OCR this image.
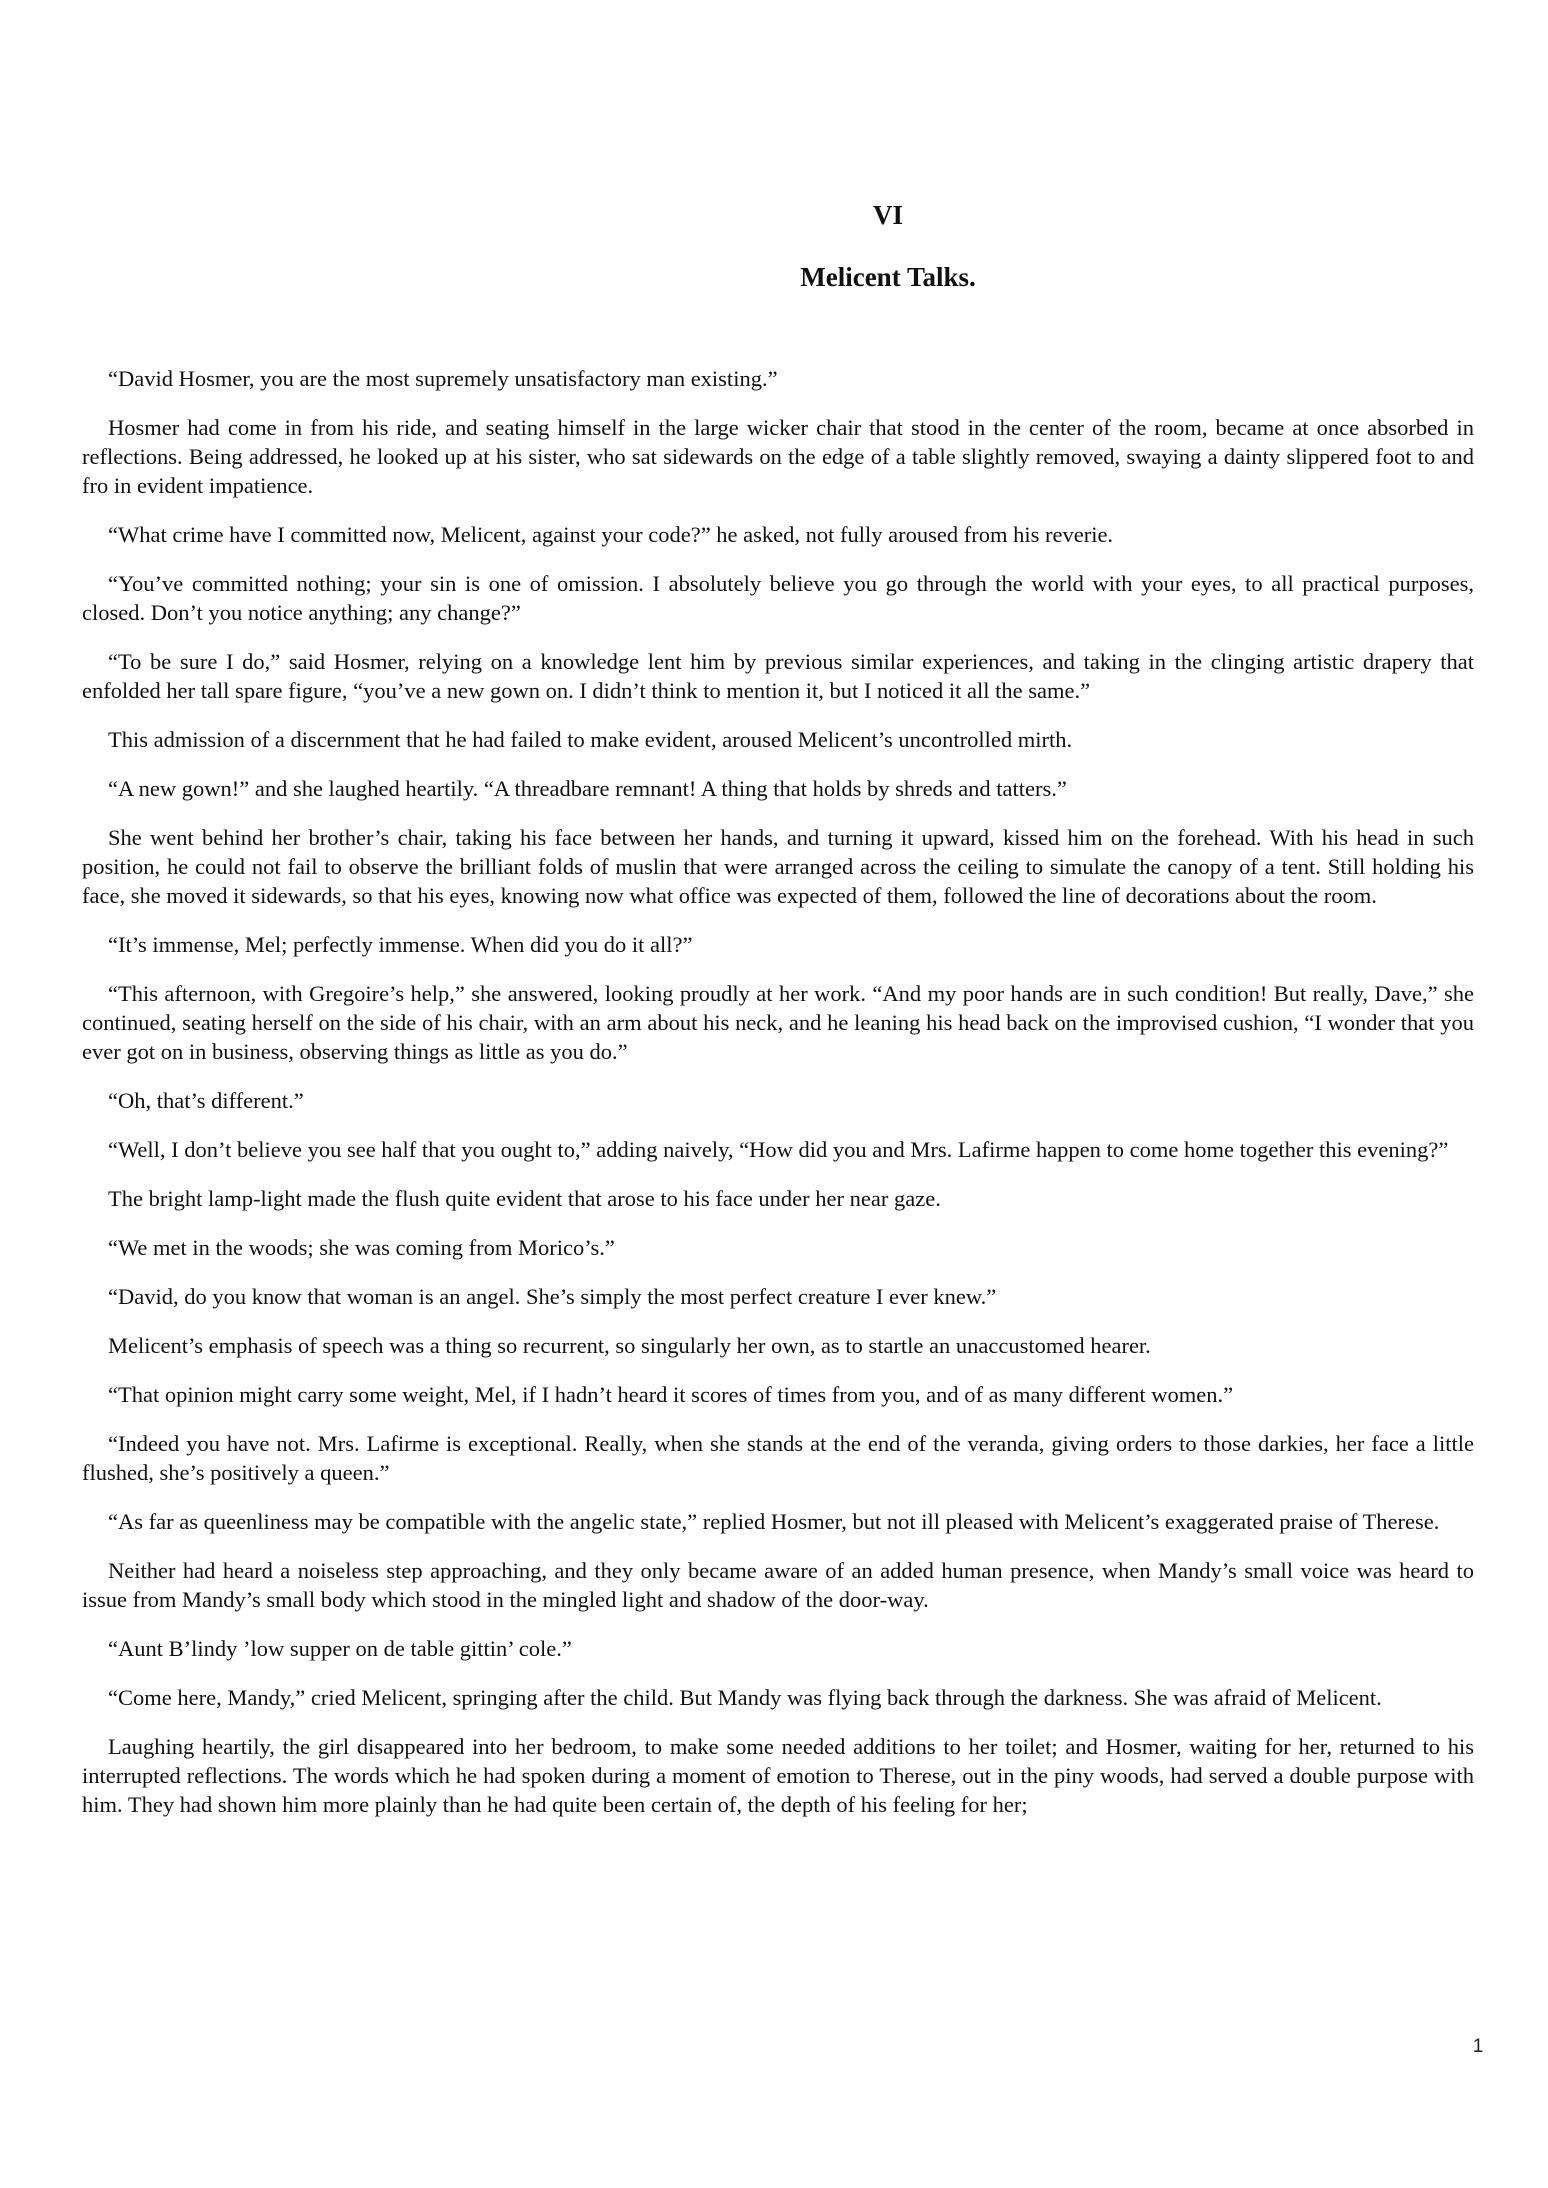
VI
Melicent Talks.

“David Hosmer, you are the most supremely unsatisfactory man existing.”

Hosmer had come in from his ride, and seating himself in the large wicker chair that stood in the center of the room, became at once absorbed in reflections. Being addressed, he looked up at his sister, who sat sidewards on the edge of a table slightly removed, swaying a dainty slippered foot to and fro in evident impatience.

“What crime have I committed now, Melicent, against your code?” he asked, not fully aroused from his reverie.

“You’ve committed nothing; your sin is one of omission. I absolutely believe you go through the world with your eyes, to all practical purposes, closed. Don’t you notice anything; any change?”

“To be sure I do,” said Hosmer, relying on a knowledge lent him by previous similar experiences, and taking in the clinging artistic drapery that enfolded her tall spare figure, “you’ve a new gown on. I didn’t think to mention it, but I noticed it all the same.”

This admission of a discernment that he had failed to make evident, aroused Melicent’s uncontrolled mirth.

“A new gown!” and she laughed heartily. “A threadbare remnant! A thing that holds by shreds and tatters.”

She went behind her brother’s chair, taking his face between her hands, and turning it upward, kissed him on the forehead. With his head in such position, he could not fail to observe the brilliant folds of muslin that were arranged across the ceiling to simulate the canopy of a tent. Still holding his face, she moved it sidewards, so that his eyes, knowing now what office was expected of them, followed the line of decorations about the room.

“It’s immense, Mel; perfectly immense. When did you do it all?”

“This afternoon, with Gregoire’s help,” she answered, looking proudly at her work. “And my poor hands are in such condition! But really, Dave,” she continued, seating herself on the side of his chair, with an arm about his neck, and he leaning his head back on the improvised cushion, “I wonder that you ever got on in business, observing things as little as you do.”

“Oh, that’s different.”

“Well, I don’t believe you see half that you ought to,” adding naively, “How did you and Mrs. Lafirme happen to come home together this evening?”

The bright lamp-light made the flush quite evident that arose to his face under her near gaze.

“We met in the woods; she was coming from Morico’s.”

“David, do you know that woman is an angel. She’s simply the most perfect creature I ever knew.”

Melicent’s emphasis of speech was a thing so recurrent, so singularly her own, as to startle an unaccustomed hearer.

“That opinion might carry some weight, Mel, if I hadn’t heard it scores of times from you, and of as many different women.”

“Indeed you have not. Mrs. Lafirme is exceptional. Really, when she stands at the end of the veranda, giving orders to those darkies, her face a little flushed, she’s positively a queen.”

“As far as queenliness may be compatible with the angelic state,” replied Hosmer, but not ill pleased with Melicent’s exaggerated praise of Therese.

Neither had heard a noiseless step approaching, and they only became aware of an added human presence, when Mandy’s small voice was heard to issue from Mandy’s small body which stood in the mingled light and shadow of the door-way.

“Aunt B’lindy ’low supper on de table gittin’ cole.”

“Come here, Mandy,” cried Melicent, springing after the child. But Mandy was flying back through the darkness. She was afraid of Melicent.

Laughing heartily, the girl disappeared into her bedroom, to make some needed additions to her toilet; and Hosmer, waiting for her, returned to his interrupted reflections. The words which he had spoken during a moment of emotion to Therese, out in the piny woods, had served a double purpose with him. They had shown him more plainly than he had quite been certain of, the depth of his feeling for her;

1
